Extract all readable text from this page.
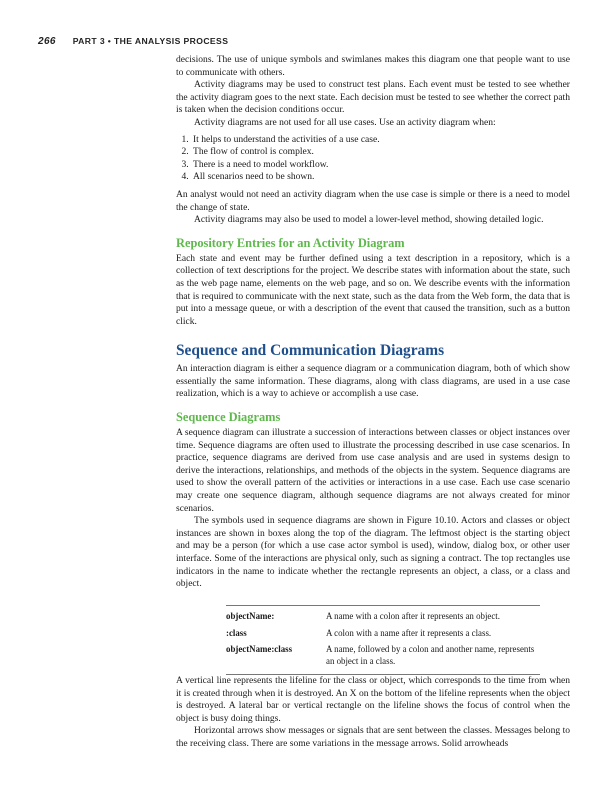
266 PART 3 • THE ANALYSIS PROCESS

decisions. The use of unique symbols and swimlanes makes this diagram one that people want to use to communicate with others.

Activity diagrams may be used to construct test plans. Each event must be tested to see whether the activity diagram goes to the next state. Each decision must be tested to see whether the correct path is taken when the decision conditions occur.

Activity diagrams are not used for all use cases. Use an activity diagram when:

1. It helps to understand the activities of a use case.
2. The flow of control is complex.
3. There is a need to model workflow.
4. All scenarios need to be shown.

An analyst would not need an activity diagram when the use case is simple or there is a need to model the change of state.

Activity diagrams may also be used to model a lower-level method, showing detailed logic.

Repository Entries for an Activity Diagram

Each state and event may be further defined using a text description in a repository, which is a collection of text descriptions for the project. We describe states with information about the state, such as the web page name, elements on the web page, and so on. We describe events with the information that is required to communicate with the next state, such as the data from the Web form, the data that is put into a message queue, or with a description of the event that caused the transition, such as a button click.

Sequence and Communication Diagrams

An interaction diagram is either a sequence diagram or a communication diagram, both of which show essentially the same information. These diagrams, along with class diagrams, are used in a use case realization, which is a way to achieve or accomplish a use case.

Sequence Diagrams

A sequence diagram can illustrate a succession of interactions between classes or object instances over time. Sequence diagrams are often used to illustrate the processing described in use case scenarios. In practice, sequence diagrams are derived from use case analysis and are used in systems design to derive the interactions, relationships, and methods of the objects in the system. Sequence diagrams are used to show the overall pattern of the activities or interactions in a use case. Each use case scenario may create one sequence diagram, although sequence diagrams are not always created for minor scenarios.

The symbols used in sequence diagrams are shown in Figure 10.10. Actors and classes or object instances are shown in boxes along the top of the diagram. The leftmost object is the starting object and may be a person (for which a use case actor symbol is used), window, dialog box, or other user interface. Some of the interactions are physical only, such as signing a contract. The top rectangles use indicators in the name to indicate whether the rectangle represents an object, a class, or a class and object.

objectName:	A name with a colon after it represents an object.
:class	A colon with a name after it represents a class.
objectName:class	A name, followed by a colon and another name, represents an object in a class.

A vertical line represents the lifeline for the class or object, which corresponds to the time from when it is created through when it is destroyed. An X on the bottom of the lifeline represents when the object is destroyed. A lateral bar or vertical rectangle on the lifeline shows the focus of control when the object is busy doing things.

Horizontal arrows show messages or signals that are sent between the classes. Messages belong to the receiving class. There are some variations in the message arrows. Solid arrowheads
